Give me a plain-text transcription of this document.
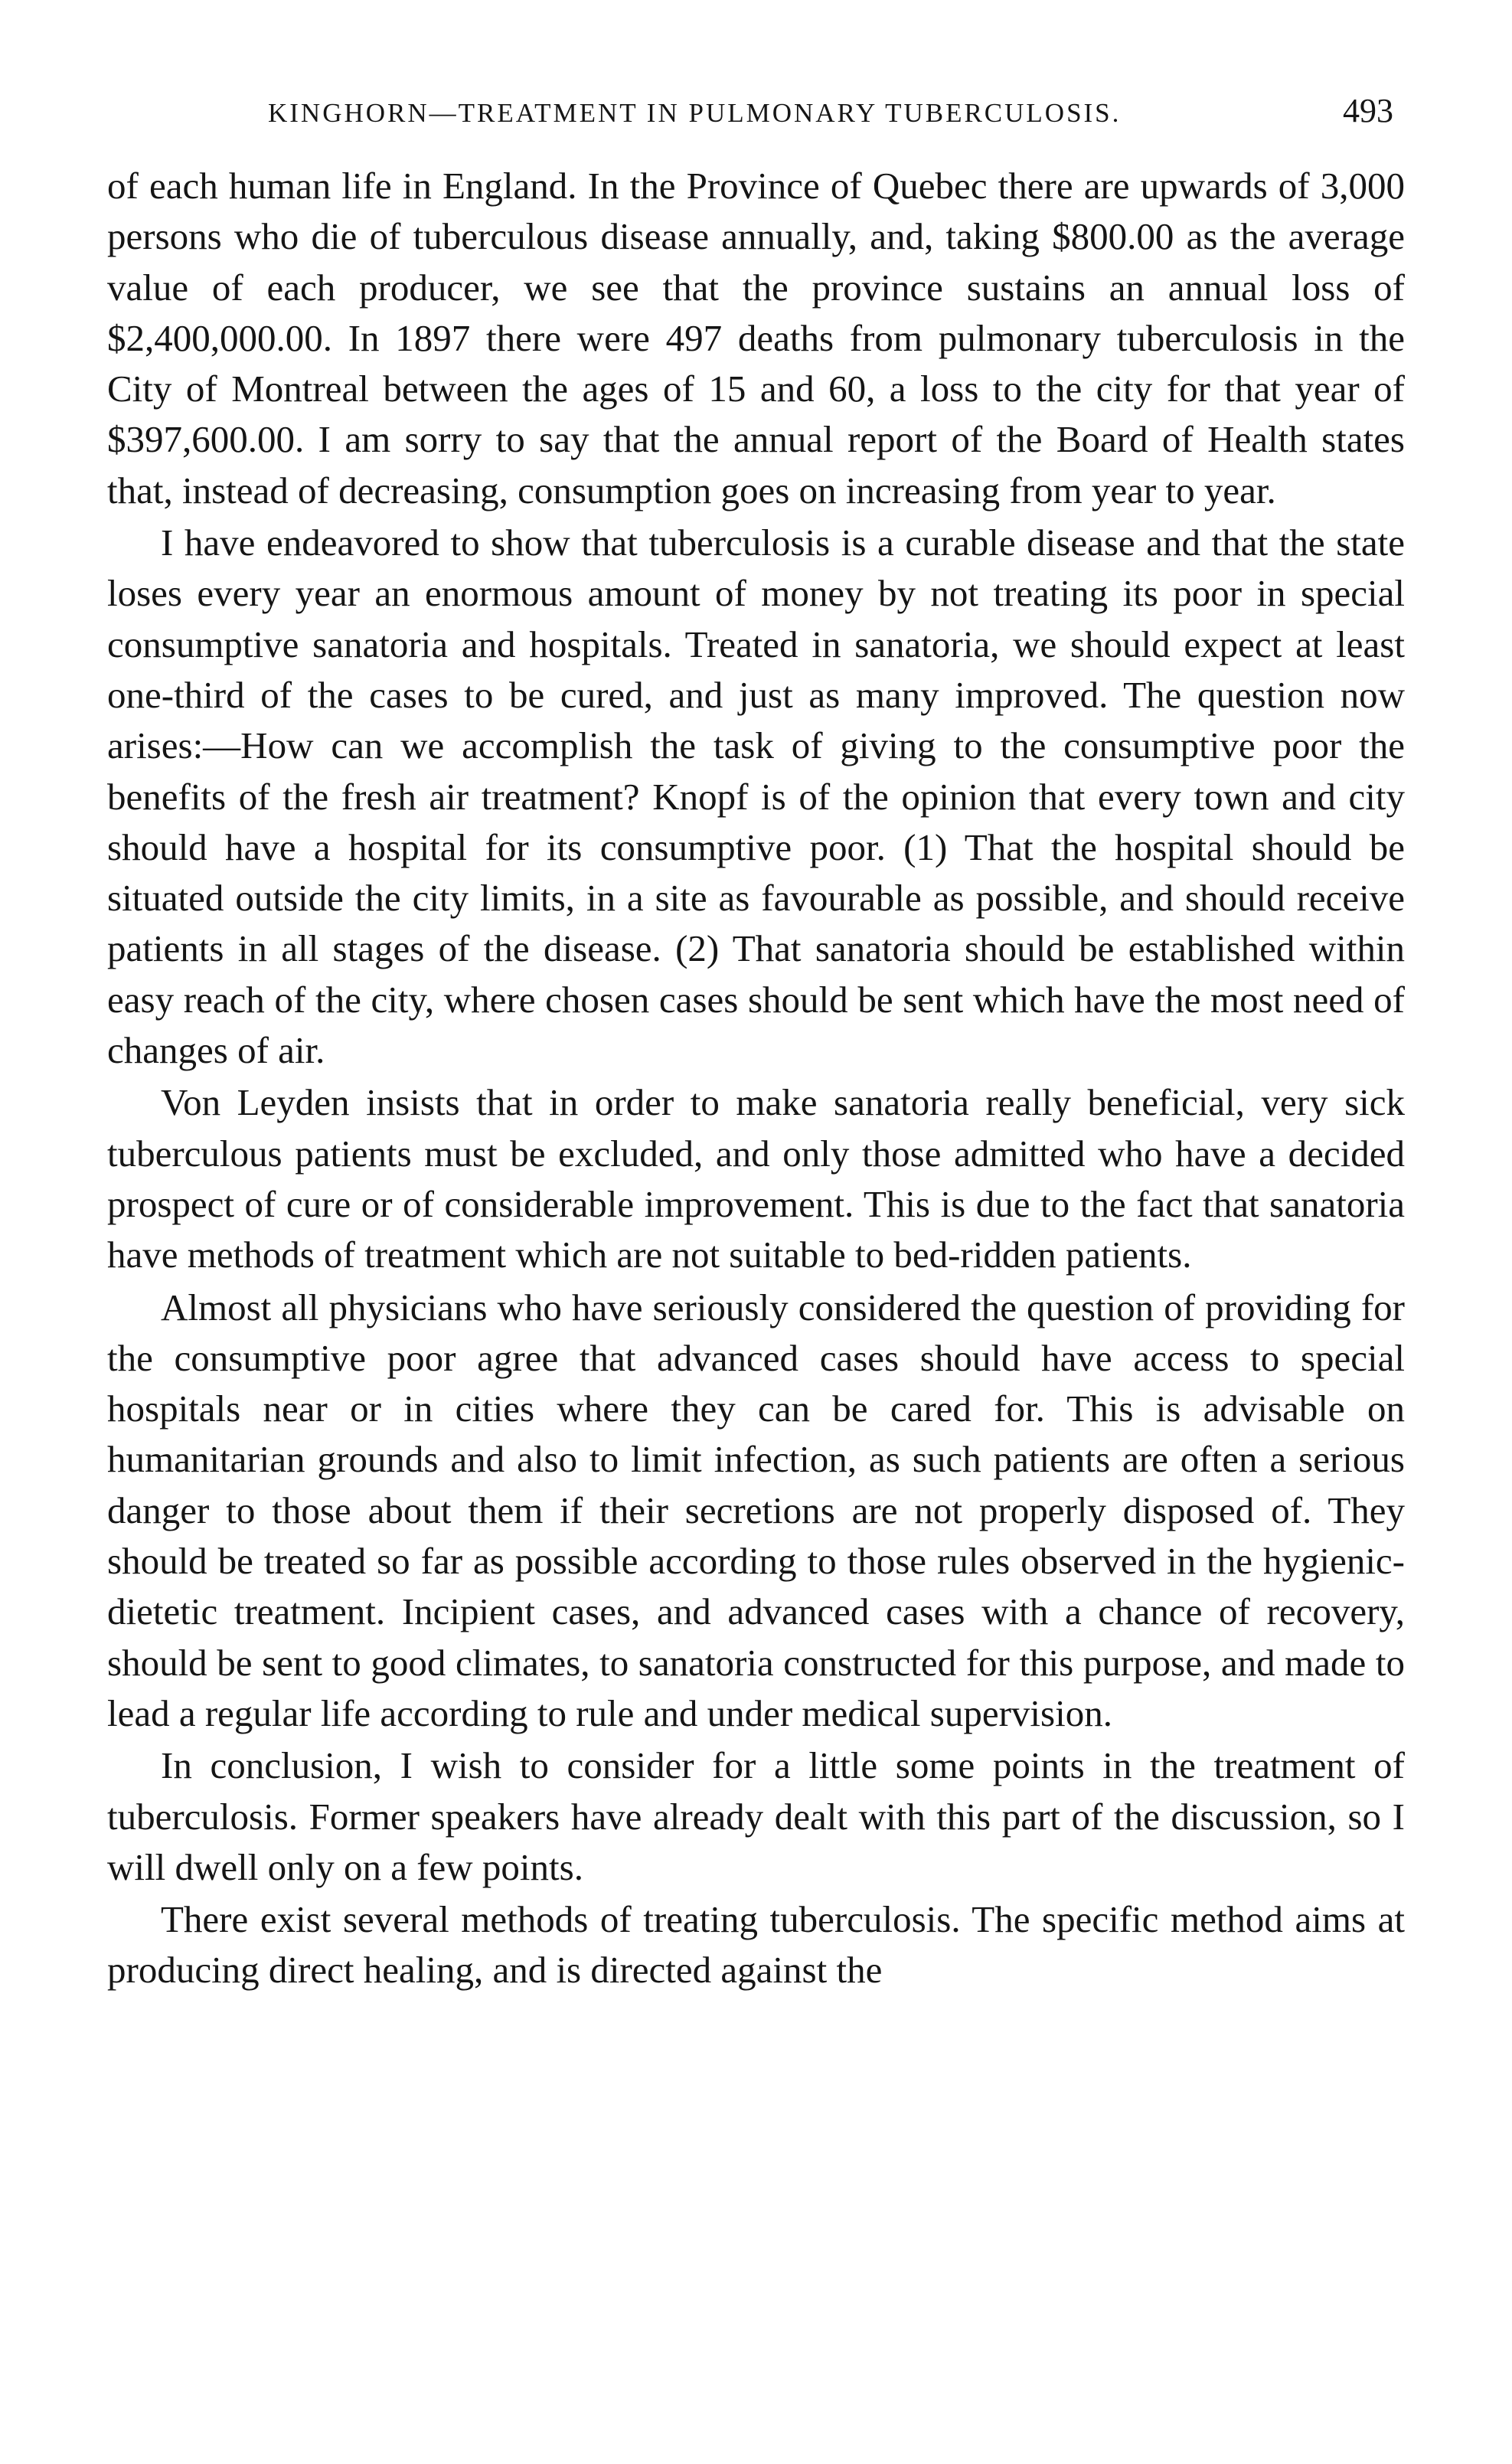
KINGHORN—TREATMENT IN PULMONARY TUBERCULOSIS.	493

of each human life in England. In the Province of Quebec there are upwards of 3,000 persons who die of tuberculous disease annually, and, taking $800.00 as the average value of each producer, we see that the province sustains an annual loss of $2,400,000.00. In 1897 there were 497 deaths from pulmonary tuberculosis in the City of Montreal between the ages of 15 and 60, a loss to the city for that year of $397,600.00. I am sorry to say that the annual report of the Board of Health states that, instead of decreasing, consumption goes on increasing from year to year.

I have endeavored to show that tuberculosis is a curable disease and that the state loses every year an enormous amount of money by not treating its poor in special consumptive sanatoria and hospitals. Treated in sanatoria, we should expect at least one-third of the cases to be cured, and just as many improved. The question now arises:—How can we accomplish the task of giving to the consumptive poor the benefits of the fresh air treatment? Knopf is of the opinion that every town and city should have a hospital for its consumptive poor. (1) That the hospital should be situated outside the city limits, in a site as favourable as possible, and should receive patients in all stages of the disease. (2) That sanatoria should be established within easy reach of the city, where chosen cases should be sent which have the most need of changes of air.

Von Leyden insists that in order to make sanatoria really beneficial, very sick tuberculous patients must be excluded, and only those admitted who have a decided prospect of cure or of considerable improvement. This is due to the fact that sanatoria have methods of treatment which are not suitable to bed-ridden patients.

Almost all physicians who have seriously considered the question of providing for the consumptive poor agree that advanced cases should have access to special hospitals near or in cities where they can be cared for. This is advisable on humanitarian grounds and also to limit infection, as such patients are often a serious danger to those about them if their secretions are not properly disposed of. They should be treated so far as possible according to those rules observed in the hygienic-dietetic treatment. Incipient cases, and advanced cases with a chance of recovery, should be sent to good climates, to sanatoria constructed for this purpose, and made to lead a regular life according to rule and under medical supervision.

In conclusion, I wish to consider for a little some points in the treatment of tuberculosis. Former speakers have already dealt with this part of the discussion, so I will dwell only on a few points.

There exist several methods of treating tuberculosis. The specific method aims at producing direct healing, and is directed against the
